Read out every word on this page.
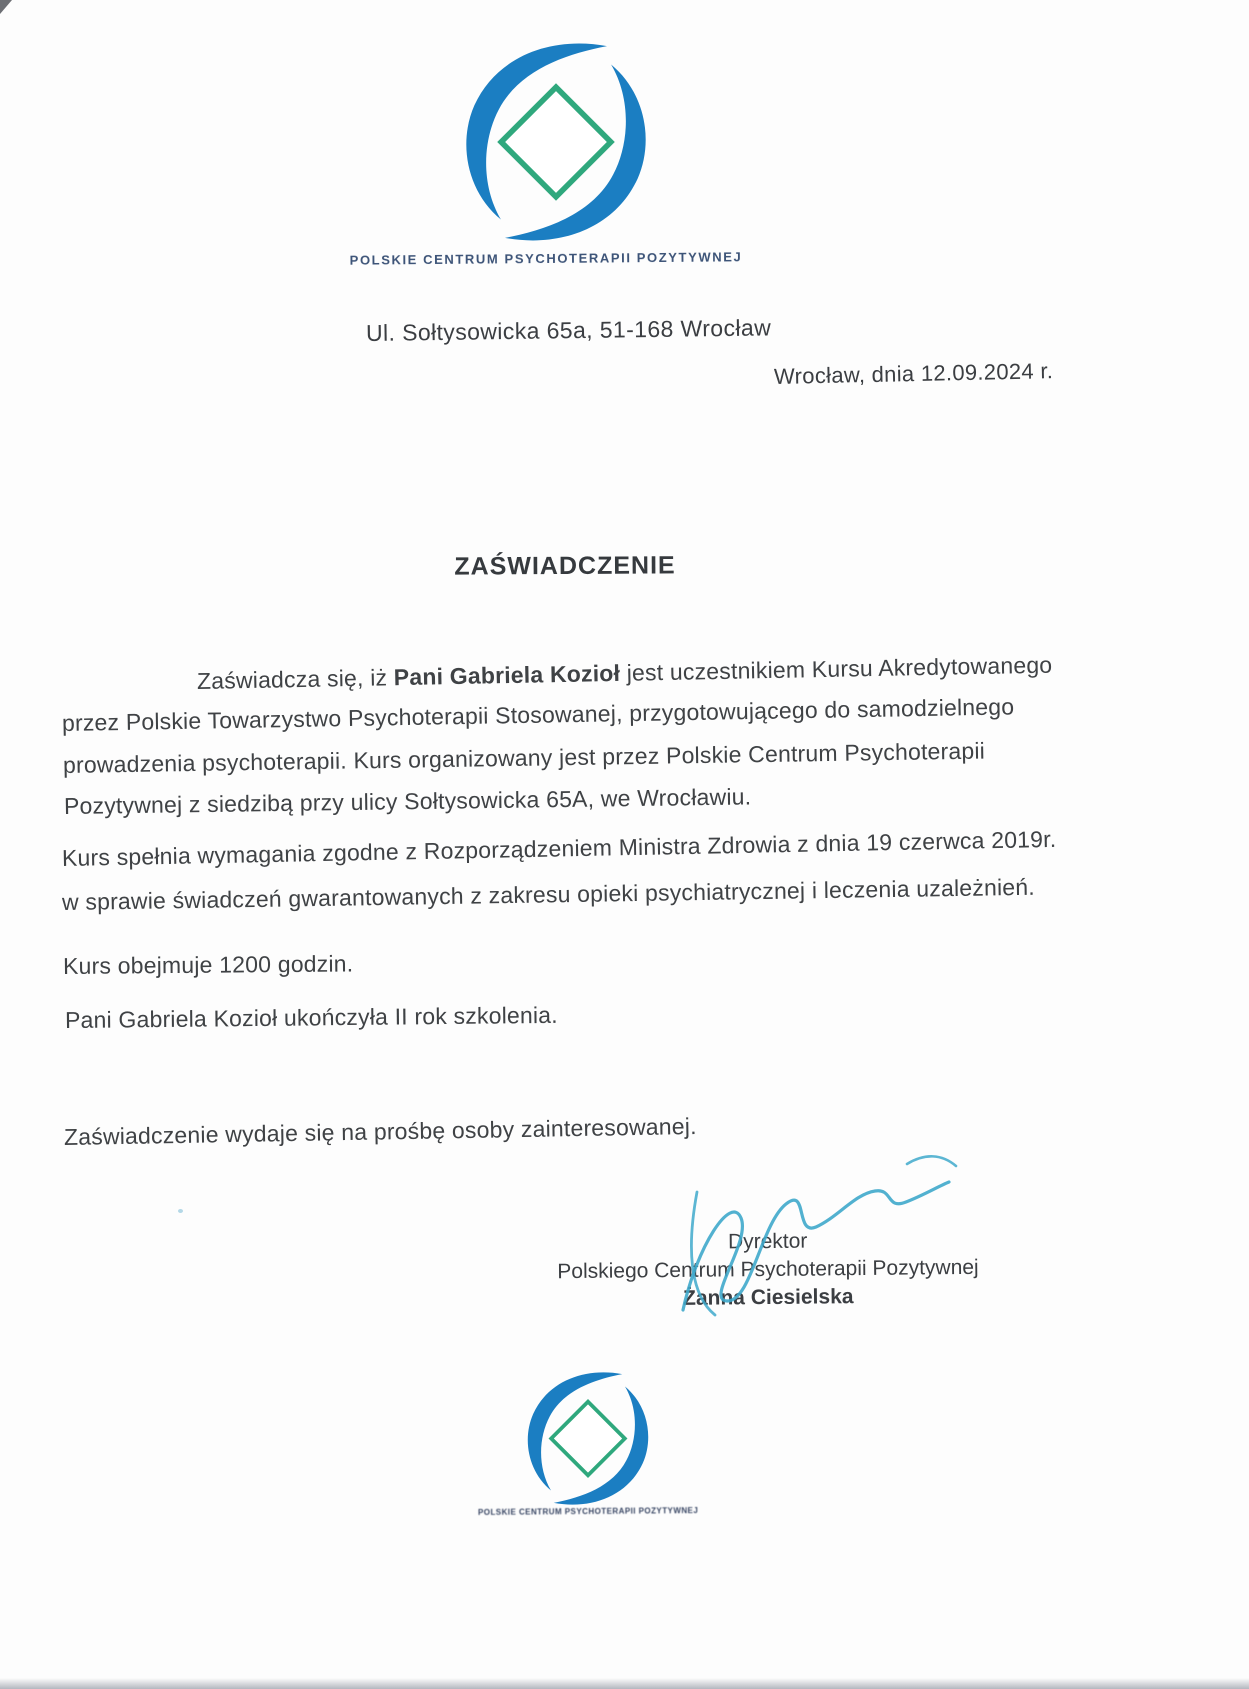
POLSKIE CENTRUM PSYCHOTERAPII POZYTYWNEJ
Ul. Sołtysowicka 65a, 51-168 Wrocław
Wrocław, dnia 12.09.2024 r.
ZAŚWIADCZENIE
Zaświadcza się, iż Pani Gabriela Kozioł jest uczestnikiem Kursu Akredytowanego
przez Polskie Towarzystwo Psychoterapii Stosowanej, przygotowującego do samodzielnego
prowadzenia psychoterapii. Kurs organizowany jest przez Polskie Centrum Psychoterapii
Pozytywnej z siedzibą przy ulicy Sołtysowicka 65A, we Wrocławiu.
Kurs spełnia wymagania zgodne z Rozporządzeniem Ministra Zdrowia z dnia 19 czerwca 2019r.
w sprawie świadczeń gwarantowanych z zakresu opieki psychiatrycznej i leczenia uzależnień.
Kurs obejmuje 1200 godzin.
Pani Gabriela Kozioł ukończyła II rok szkolenia.
Zaświadczenie wydaje się na prośbę osoby zainteresowanej.
Dyrektor
Polskiego Centrum Psychoterapii Pozytywnej
Żanna Ciesielska
POLSKIE CENTRUM PSYCHOTERAPII POZYTYWNEJ
